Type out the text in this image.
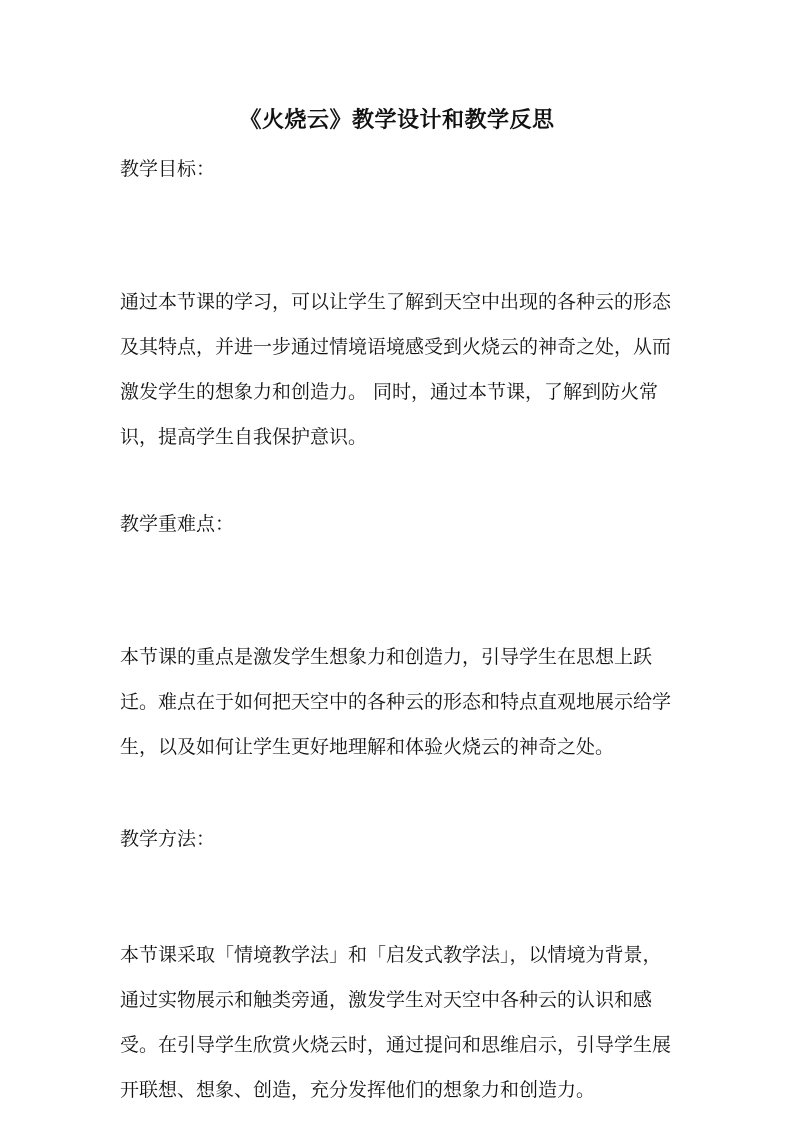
《火烧云》教学设计和教学反思
教学目标：
通过本节课的学习，可以让学生了解到天空中出现的各种云的形态
及其特点，并进一步通过情境语境感受到火烧云的神奇之处，从而
激发学生的想象力和创造力。 同时，通过本节课，了解到防火常
识，提高学生自我保护意识。
教学重难点：
本节课的重点是激发学生想象力和创造力，引导学生在思想上跃
迁。难点在于如何把天空中的各种云的形态和特点直观地展示给学
生，以及如何让学生更好地理解和体验火烧云的神奇之处。
教学方法：
本节课采取「情境教学法」和「启发式教学法」，以情境为背景，
通过实物展示和触类旁通，激发学生对天空中各种云的认识和感
受。在引导学生欣赏火烧云时，通过提问和思维启示，引导学生展
开联想、想象、创造，充分发挥他们的想象力和创造力。
